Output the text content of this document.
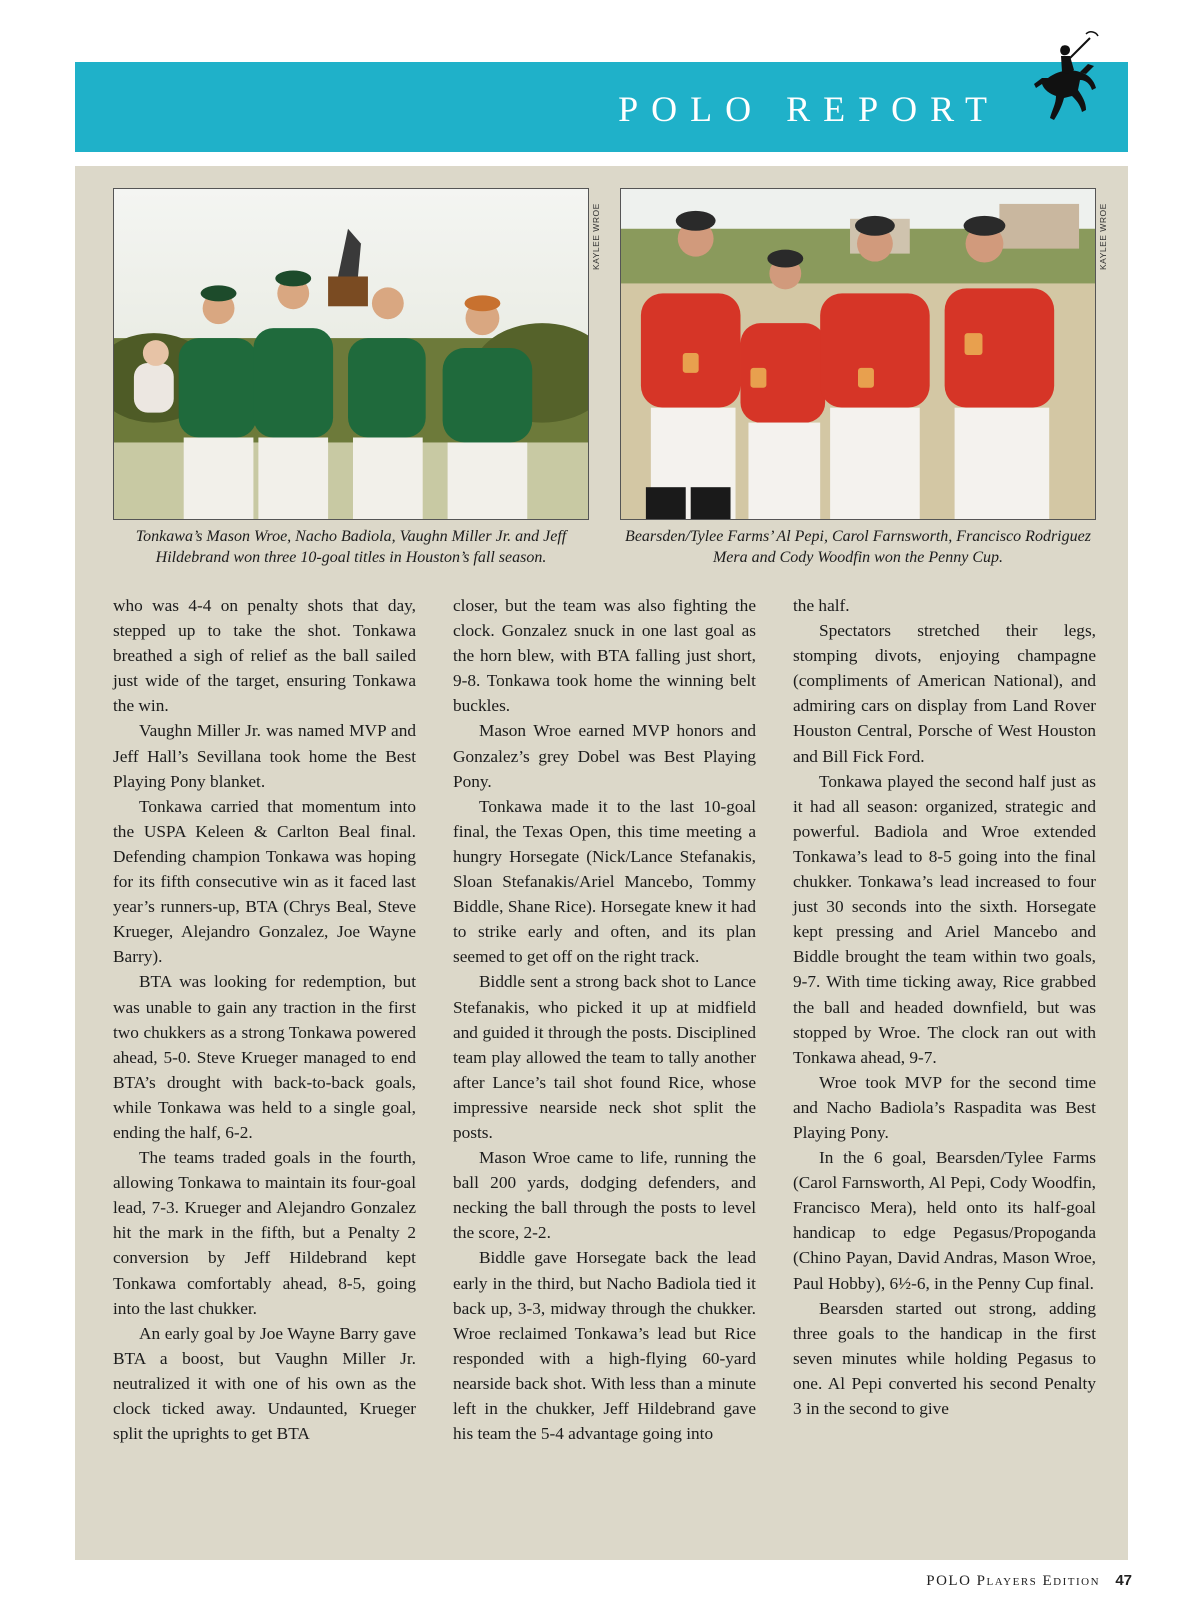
POLO REPORT
KAYLEE WROE
Tonkawa’s Mason Wroe, Nacho Badiola, Vaughn Miller Jr. and Jeff Hildebrand won three 10-goal titles in Houston’s fall season.
KAYLEE WROE
Bearsden/Tylee Farms’ Al Pepi, Carol Farnsworth, Francisco Rodriguez Mera and Cody Woodfin won the Penny Cup.

who was 4-4 on penalty shots that day, stepped up to take the shot. Tonkawa breathed a sigh of relief as the ball sailed just wide of the target, ensuring Tonkawa the win.

Vaughn Miller Jr. was named MVP and Jeff Hall’s Sevillana took home the Best Playing Pony blanket.

Tonkawa carried that momentum into the USPA Keleen & Carlton Beal final. Defending champion Tonkawa was hoping for its fifth consecutive win as it faced last year’s runners-up, BTA (Chrys Beal, Steve Krueger, Alejandro Gonzalez, Joe Wayne Barry).

BTA was looking for redemption, but was unable to gain any traction in the first two chukkers as a strong Tonkawa powered ahead, 5-0. Steve Krueger managed to end BTA’s drought with back-to-back goals, while Tonkawa was held to a single goal, ending the half, 6-2.

The teams traded goals in the fourth, allowing Tonkawa to maintain its four-goal lead, 7-3. Krueger and Alejandro Gonzalez hit the mark in the fifth, but a Penalty 2 conversion by Jeff Hildebrand kept Tonkawa comfortably ahead, 8-5, going into the last chukker.

An early goal by Joe Wayne Barry gave BTA a boost, but Vaughn Miller Jr. neutralized it with one of his own as the clock ticked away. Undaunted, Krueger split the uprights to get BTA

closer, but the team was also fighting the clock. Gonzalez snuck in one last goal as the horn blew, with BTA falling just short, 9-8. Tonkawa took home the winning belt buckles.

Mason Wroe earned MVP honors and Gonzalez’s grey Dobel was Best Playing Pony.

Tonkawa made it to the last 10-goal final, the Texas Open, this time meeting a hungry Horsegate (Nick/Lance Stefanakis, Sloan Stefanakis/Ariel Mancebo, Tommy Biddle, Shane Rice). Horsegate knew it had to strike early and often, and its plan seemed to get off on the right track.

Biddle sent a strong back shot to Lance Stefanakis, who picked it up at midfield and guided it through the posts. Disciplined team play allowed the team to tally another after Lance’s tail shot found Rice, whose impressive nearside neck shot split the posts.

Mason Wroe came to life, running the ball 200 yards, dodging defenders, and necking the ball through the posts to level the score, 2-2.

Biddle gave Horsegate back the lead early in the third, but Nacho Badiola tied it back up, 3-3, midway through the chukker. Wroe reclaimed Tonkawa’s lead but Rice responded with a high-flying 60-yard nearside back shot. With less than a minute left in the chukker, Jeff Hildebrand gave his team the 5-4 advantage going into

the half.

Spectators stretched their legs, stomping divots, enjoying champagne (compliments of American National), and admiring cars on display from Land Rover Houston Central, Porsche of West Houston and Bill Fick Ford.

Tonkawa played the second half just as it had all season: organized, strategic and powerful. Badiola and Wroe extended Tonkawa’s lead to 8-5 going into the final chukker. Tonkawa’s lead increased to four just 30 seconds into the sixth. Horsegate kept pressing and Ariel Mancebo and Biddle brought the team within two goals, 9-7. With time ticking away, Rice grabbed the ball and headed downfield, but was stopped by Wroe. The clock ran out with Tonkawa ahead, 9-7.

Wroe took MVP for the second time and Nacho Badiola’s Raspadita was Best Playing Pony.

In the 6 goal, Bearsden/Tylee Farms (Carol Farnsworth, Al Pepi, Cody Woodfin, Francisco Mera), held onto its half-goal handicap to edge Pegasus/Propoganda (Chino Payan, David Andras, Mason Wroe, Paul Hobby), 6½-6, in the Penny Cup final.

Bearsden started out strong, adding three goals to the handicap in the first seven minutes while holding Pegasus to one. Al Pepi converted his second Penalty 3 in the second to give

POLO Players Edition 47
